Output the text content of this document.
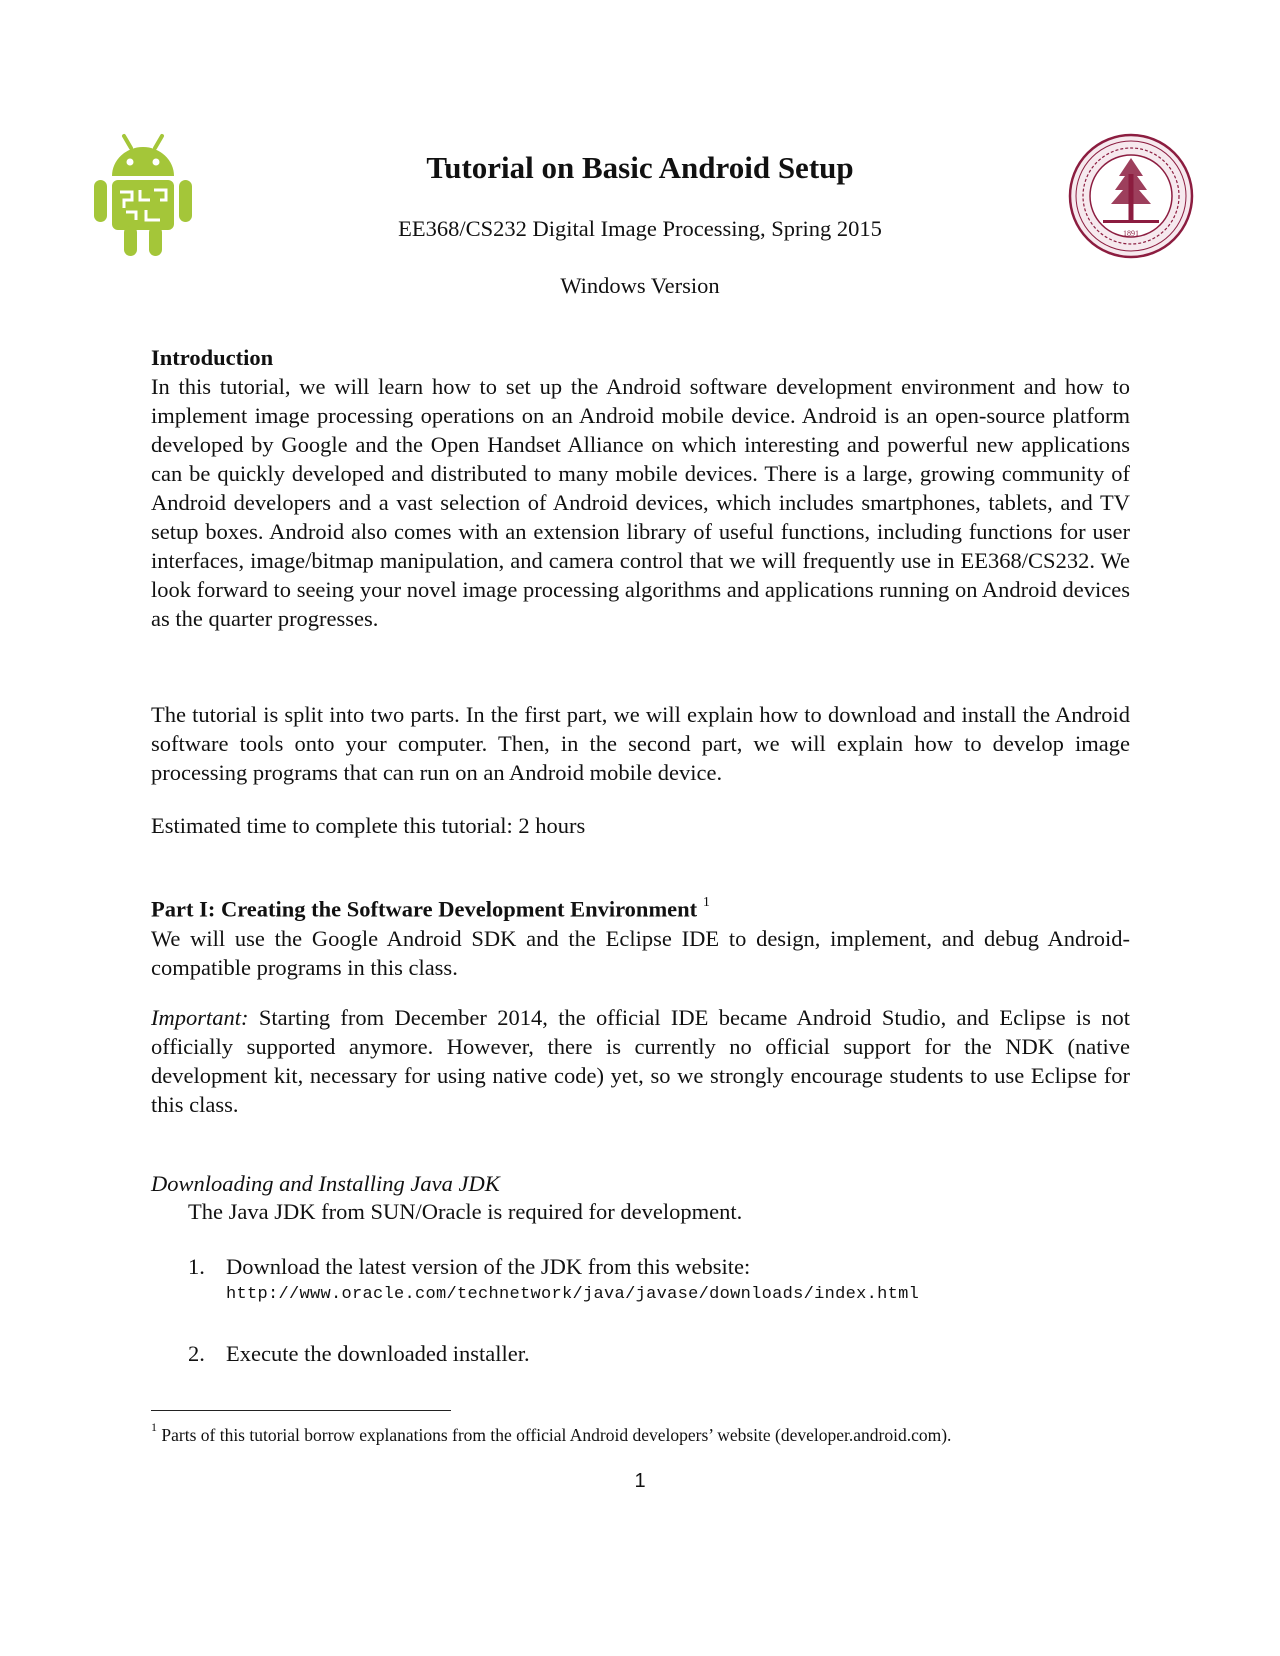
1891
Tutorial on Basic Android Setup
EE368/CS232 Digital Image Processing, Spring 2015
Windows Version

Introduction

In this tutorial, we will learn how to set up the Android software development environment and how to implement image processing operations on an Android mobile device. Android is an open-source platform developed by Google and the Open Handset Alliance on which interesting and powerful new applications can be quickly developed and distributed to many mobile devices. There is a large, growing community of Android developers and a vast selection of Android devices, which includes smartphones, tablets, and TV setup boxes. Android also comes with an extension library of useful functions, including functions for user interfaces, image/bitmap manipulation, and camera control that we will frequently use in EE368/CS232. We look forward to seeing your novel image processing algorithms and applications running on Android devices as the quarter progresses.

The tutorial is split into two parts. In the first part, we will explain how to download and install the Android software tools onto your computer. Then, in the second part, we will explain how to develop image processing programs that can run on an Android mobile device.

Estimated time to complete this tutorial: 2 hours

Part I: Creating the Software Development Environment $^1$

We will use the Google Android SDK and the Eclipse IDE to design, implement, and debug Android-compatible programs in this class.

Important: Starting from December 2014, the official IDE became Android Studio, and Eclipse is not officially supported anymore. However, there is currently no official support for the NDK (native development kit, necessary for using native code) yet, so we strongly encourage students to use Eclipse for this class.

Downloading and Installing Java JDK

The Java JDK from SUN/Oracle is required for development.
1. Download the latest version of the JDK from this website:
http://www.oracle.com/technetwork/java/javase/downloads/index.html
2. Execute the downloaded installer.
$^1$ Parts of this tutorial borrow explanations from the official Android developers’ website (developer.android.com).
1
